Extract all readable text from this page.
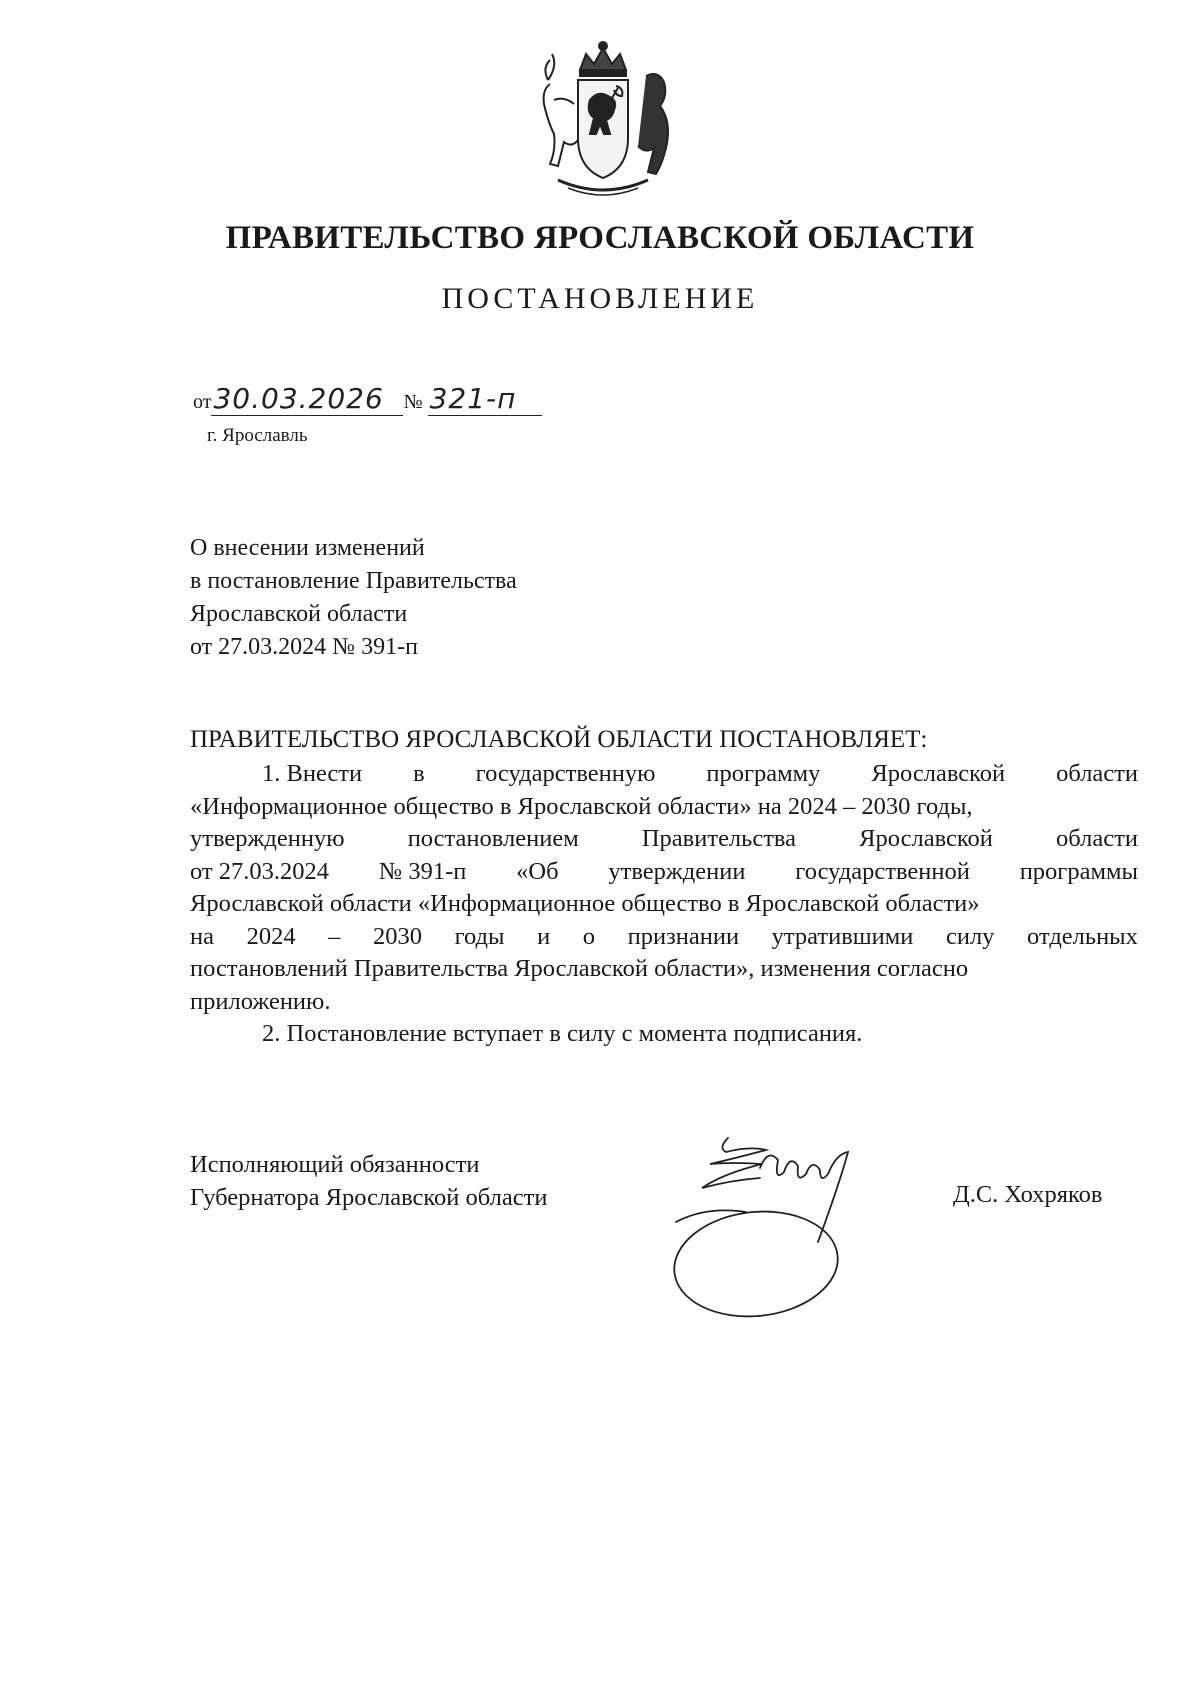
ПРАВИТЕЛЬСТВО ЯРОСЛАВСКОЙ ОБЛАСТИ
ПОСТАНОВЛЕНИЕ
от30.03.2026 № 321-п
г. Ярославль
О внесении изменений
в постановление Правительства
Ярославской области
от 27.03.2024 № 391-п
ПРАВИТЕЛЬСТВО ЯРОСЛАВСКОЙ ОБЛАСТИ ПОСТАНОВЛЯЕТ:
1. Внести в государственную программу Ярославской области
«Информационное общество в Ярославской области» на 2024 – 2030 годы,
утвержденную	постановлением	Правительства	Ярославской	области
от 27.03.2024 № 391-п «Об утверждении государственной программы
Ярославской области «Информационное общество в Ярославской области»
на 2024 – 2030 годы и о признании утратившими силу отдельных
постановлений Правительства Ярославской области», изменения согласно
приложению.
2. Постановление вступает в силу с момента подписания.
Исполняющий обязанности
Губернатора Ярославской области	Д.С. Хохряков
